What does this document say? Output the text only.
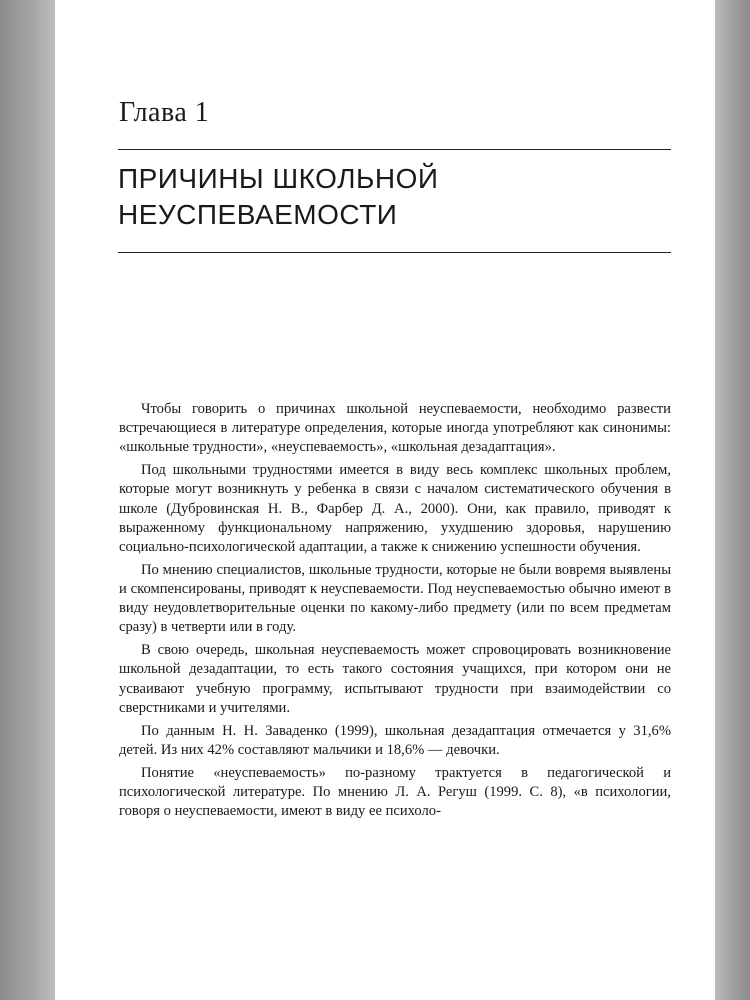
Глава 1
ПРИЧИНЫ ШКОЛЬНОЙ
НЕУСПЕВАЕМОСТИ

Чтобы говорить о причинах школьной неуспеваемости, необходимо развести встречающиеся в литературе определения, которые иногда употребляют как синонимы: «школьные трудности», «неуспеваемость», «школьная дезадаптация».

Под школьными трудностями имеется в виду весь комплекс школьных проблем, которые могут возникнуть у ребенка в связи с началом систематического обучения в школе (Дубровинская Н. В., Фарбер Д. А., 2000). Они, как правило, приводят к выраженному функциональному напряжению, ухудшению здоровья, нарушению социально-психологической адаптации, а также к снижению успешности обучения.

По мнению специалистов, школьные трудности, которые не были вовремя выявлены и скомпенсированы, приводят к неуспеваемости. Под неуспеваемостью обычно имеют в виду неудовлетворительные оценки по какому-либо предмету (или по всем предметам сразу) в четверти или в году.

В свою очередь, школьная неуспеваемость может спровоцировать возникновение школьной дезадаптации, то есть такого состояния учащихся, при котором они не усваивают учебную программу, испытывают трудности при взаимодействии со сверстниками и учителями.

По данным Н. Н. Заваденко (1999), школьная дезадаптация отмечается у 31,6% детей. Из них 42% составляют мальчики и 18,6% — девочки.

Понятие «неуспеваемость» по-разному трактуется в педагогической и психологической литературе. По мнению Л. А. Регуш (1999. С. 8), «в психологии, говоря о неуспеваемости, имеют в виду ее психоло-
